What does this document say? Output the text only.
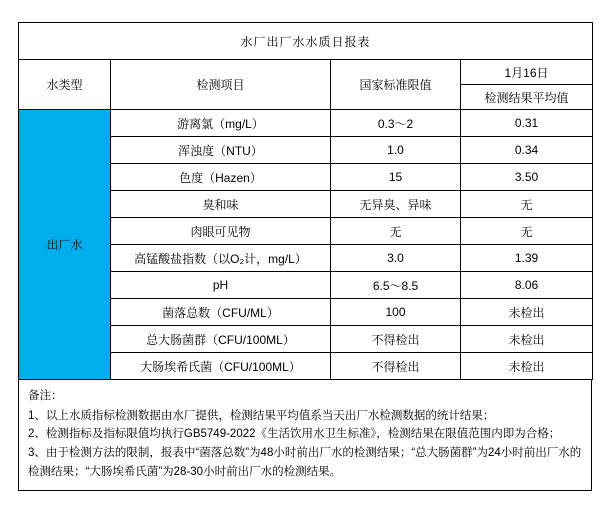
水厂出厂水水质日报表			
水类型	检测项目	国家标准限值	1月16日
			检测结果平均值
出厂水	游离氯（mg/L）	0.3～2	0.31
	浑浊度（NTU）	1.0	0.34
	色度（Hazen）	15	3.50
	臭和味	无异臭、异味	无
	肉眼可见物	无	无
	高锰酸盐指数（以O₂计，mg/L）	3.0	1.39
	pH	6.5～8.5	8.06
	菌落总数（CFU/ML）	100	未检出
	总大肠菌群（CFU/100ML）	不得检出	未检出
	大肠埃希氏菌（CFU/100ML）	不得检出	未检出
备注：
1、以上水质指标检测数据由水厂提供，检测结果平均值系当天出厂水检测数据的统计结果；
2、检测指标及指标限值均执行GB5749-2022《生活饮用水卫生标准》，检测结果在限值范围内即为合格；
3、由于检测方法的限制，报表中“菌落总数”为48小时前出厂水的检测结果；“总大肠菌群”为24小时前出厂水的检测结果；“大肠埃希氏菌”为28-30小时前出厂水的检测结果。
